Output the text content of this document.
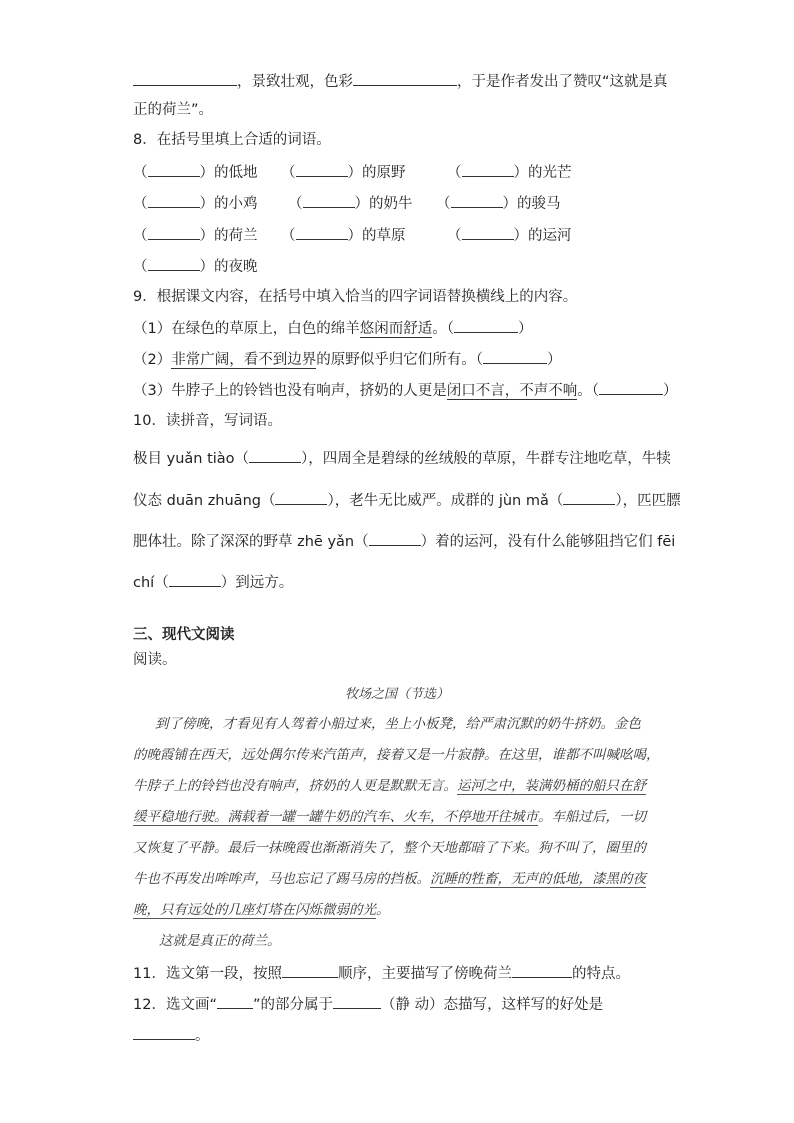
，景致壮观，色彩	，于是作者发出了赞叹“这就是真
正的荷兰”。
8．在括号里填上合适的词语。
（	）的低地 （	）的原野	（	）的光芒
（	）的小鸡 （	）的奶牛 （	）的骏马
（	）的荷兰 （	）的草原	（	）的运河
（	）的夜晚
9．根据课文内容，在括号中填入恰当的四字词语替换横线上的内容。
（1）在绿色的草原上，白色的绵羊悠闲而舒适。（	）
（2）非常广阔，看不到边界的原野似乎归它们所有。（	）
（3）牛脖子上的铃铛也没有响声，挤奶的人更是闭口不言，不声不响。（	）
10．读拼音，写词语。
极目 yuǎn tiào（	），四周全是碧绿的丝绒般的草原，牛群专注地吃草，牛犊
仪态 duān zhuāng（	），老牛无比威严。成群的 jùn mǎ（	），匹匹膘
肥体壮。除了深深的野草 zhē yǎn（	）着的运河，没有什么能够阻挡它们 fēi
chí（	）到远方。
三、现代文阅读
阅读。
牧场之国（节选）
到了傍晚，才看见有人驾着小船过来，坐上小板凳，给严肃沉默的奶牛挤奶。金色
的晚霞铺在西天，远处偶尔传来汽笛声，接着又是一片寂静。在这里，谁都不叫喊吆喝，
牛脖子上的铃铛也没有响声，挤奶的人更是默默无言。运河之中，装满奶桶的船只在舒
缓平稳地行驶。满载着一罐一罐牛奶的汽车、火车，不停地开往城市。车船过后，一切
又恢复了平静。最后一抹晚霞也渐渐消失了，整个天地都暗了下来。狗不叫了，圈里的
牛也不再发出哞哞声，马也忘记了踢马房的挡板。沉睡的牲畜，无声的低地，漆黑的夜
晚，只有远处的几座灯塔在闪烁微弱的光。
这就是真正的荷兰。
11．选文第一段，按照	顺序，主要描写了傍晚荷兰	的特点。
12．选文画“ ”的部分属于	（静 动）态描写，这样写的好处是
。
